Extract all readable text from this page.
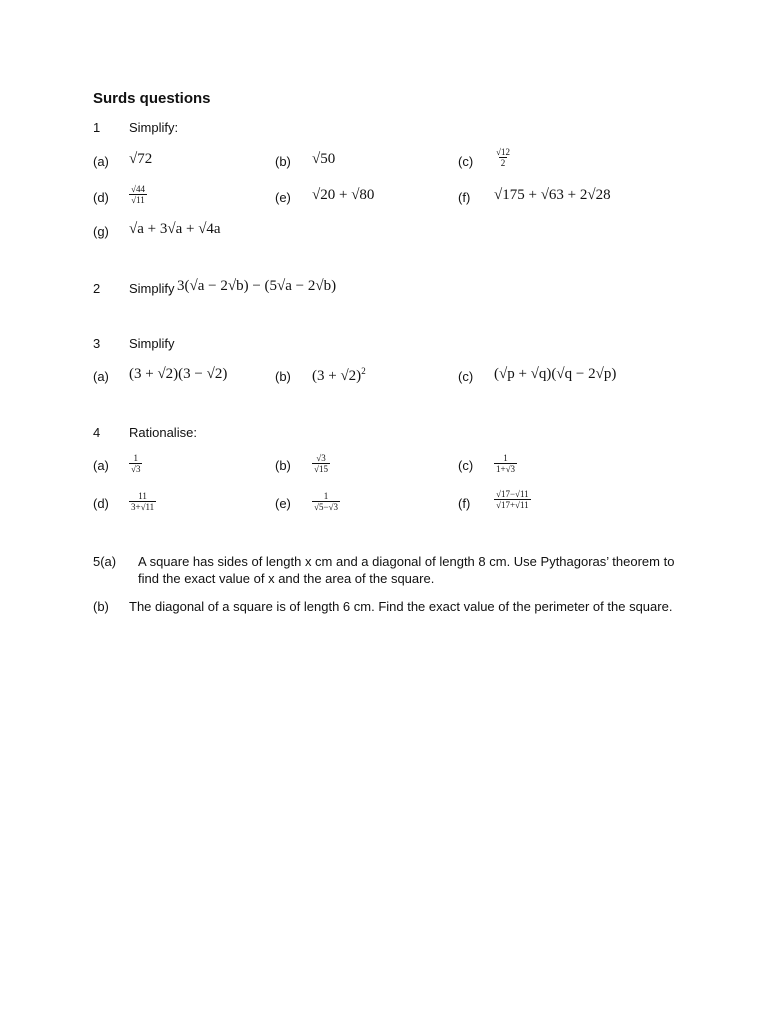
Surds questions
1 Simplify:
(a) √72	(b) √50	$(c) \frac{√12}{2}$
$(d) \frac{√44}{√11}$	(e) √20 + √80	(f) √175 + √63 + 2√28
(g) √a + 3√a + √4a
2 Simplify 3(√a − 2√b) − (5√a − 2√b)
3 Simplify
(a) (3 + √2)(3 − √2)	(b) $(3 + √2)^2$	(c) (√p + √q)(√q − 2√p)
4 Rationalise:
$(a) \frac{1}{√3}$	$(b) \frac{√3}{√15}$	$(c) \frac{1}{1+√3}$
$(d) \frac{11}{3+√11}$	$(e) \frac{1}{√5-√3}$	(f)	$\frac{√17-√11}{√17+√11}$
5(a) A square has sides of length x cm and a diagonal of length 8 cm. Use Pythagoras’ theorem to find the exact value of x and the area of the square.
(b) The diagonal of a square is of length 6 cm. Find the exact value of the perimeter of the square.
